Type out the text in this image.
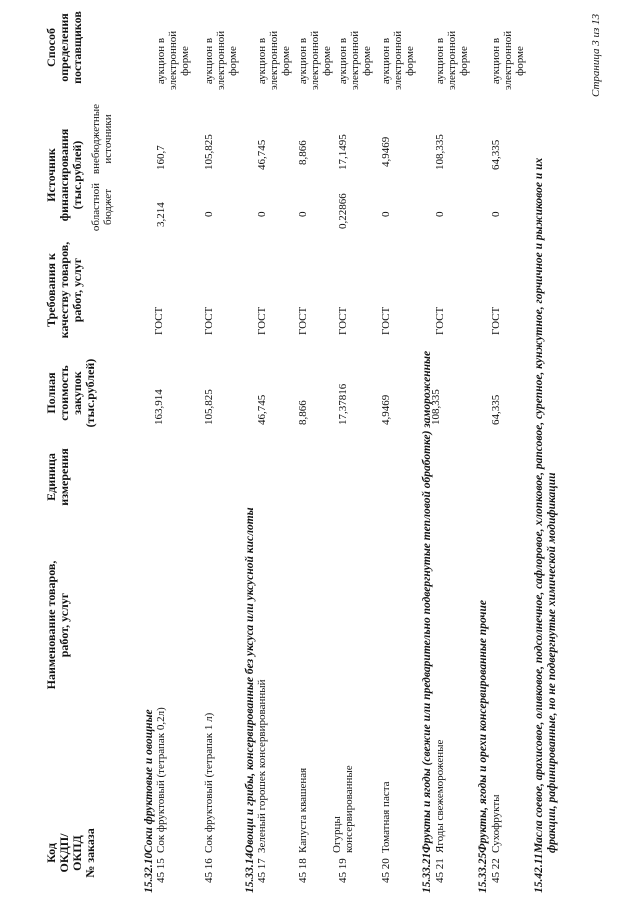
Код ОКДП/ ОКПД № заказа
Наименование товаров, работ, услуг
Единица измерения
Полная стоимость закупок (тыс.рублей)
Требования к качеству товаров, работ, услуг
Источник финансирования (тыс.рублей) областной бюджет
внебюджетные источники
Способ определения поставщиков
15.32.10Соки фруктовые и овощные
45 15
Сок фруктовый (тетрапак 0,2л)
163,914
ГОСТ
3,214
160,7
аукцион в электронной форме
45 16
Сок фруктовый (тетрапак 1 л)
105,825
ГОСТ
0
105,825
аукцион в электронной форме
15.33.14Овощи и грибы, консервированные без уксуса или уксусной кислоты
45 17
Зеленый горошек консервированный
46,745
ГОСТ
0
46,745
аукцион в электронной форме
45 18
Капуста квашеная
8,866
ГОСТ
0
8,866
аукцион в электронной форме
45 19
Огурцы консервированные
17,37816
ГОСТ
0,22866
17,1495
аукцион в электронной форме
45 20
Томатная паста
4,9469
ГОСТ
0
4,9469
аукцион в электронной форме
15.33.21Фрукты и ягоды (свежие или предварительно подвергнутые тепловой обработке) замороженные
45 21
Ягоды свежемороженые
108,335
ГОСТ
0
108,335
аукцион в электронной форме
15.33.25Фрукты, ягоды и орехи консервированные прочие
45 22
Сухофрукты
64,335
ГОСТ
0
64,335
аукцион в электронной форме
15.42.11Масла соевое, арахисовое, оливковое, подсолнечное, сафлоровое, хлопковое, рапсовое, сурепное, кунжутное, горчичное и рыжиковое и их фракции, рафинированные, но не подвергнутые химической модификации
Страница 3 из 13
